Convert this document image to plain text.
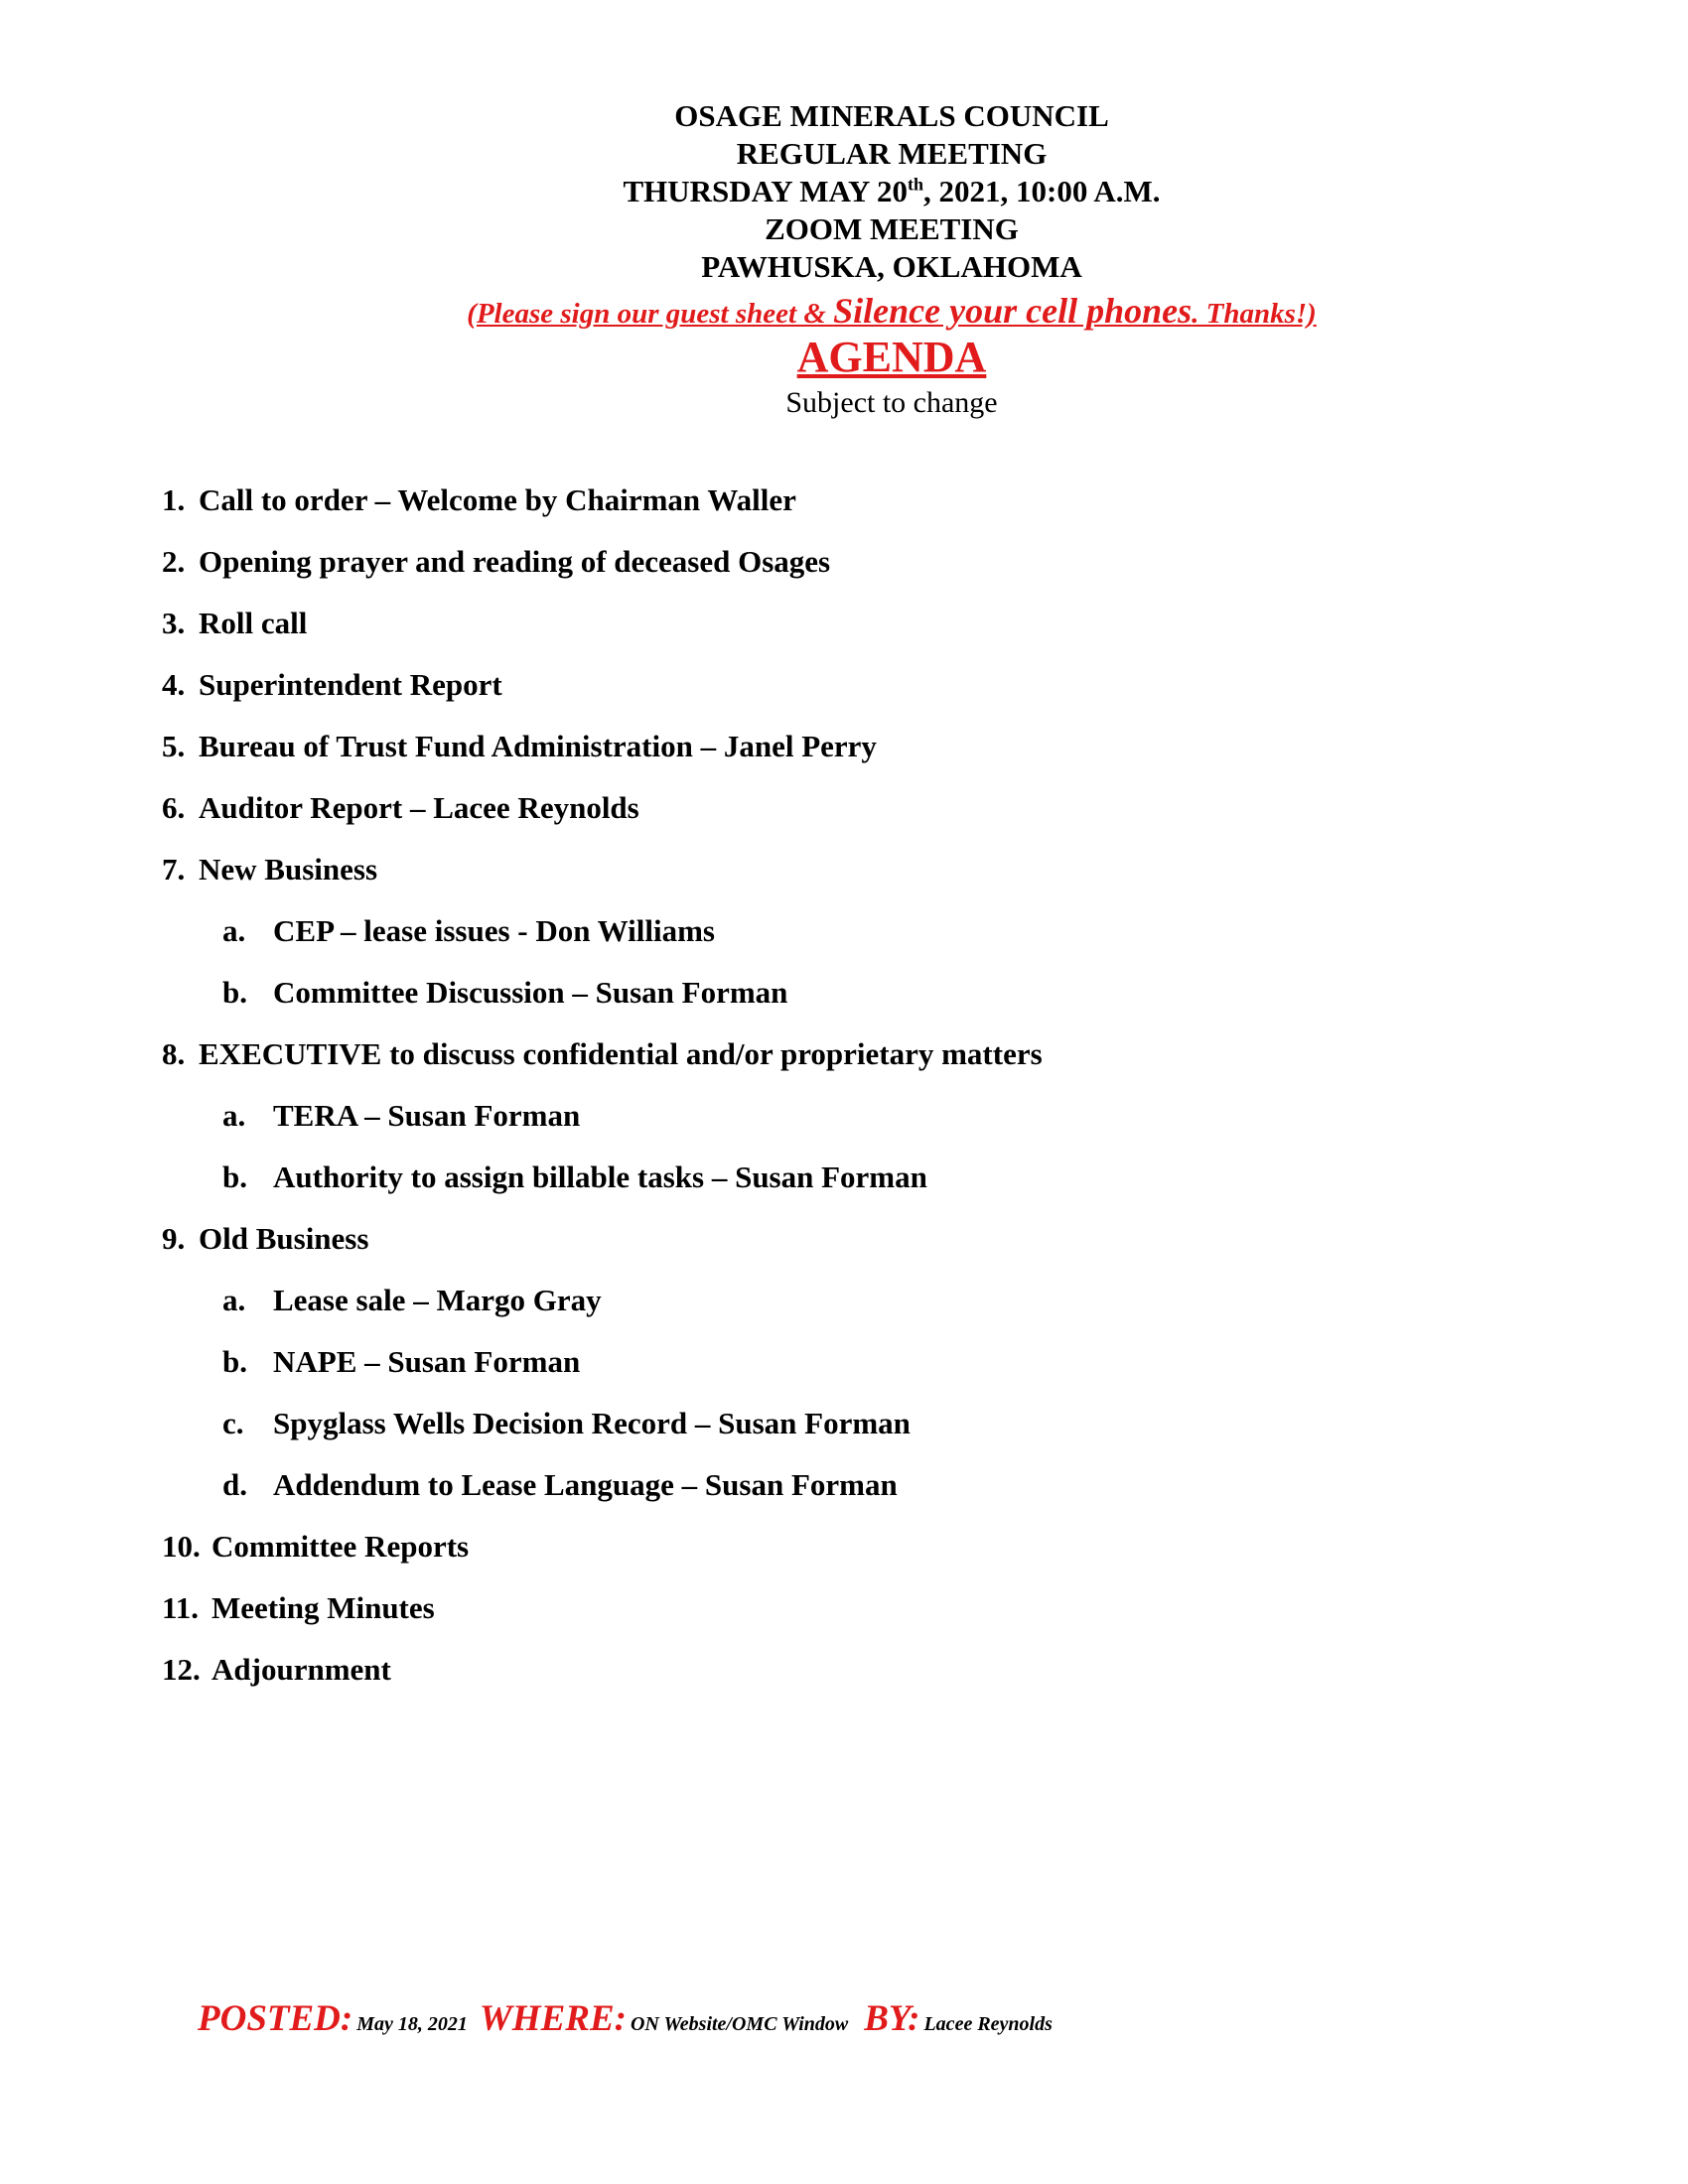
OSAGE MINERALS COUNCIL
REGULAR MEETING
THURSDAY MAY 20th, 2021, 10:00 A.M.
ZOOM MEETING
PAWHUSKA, OKLAHOMA
(Please sign our guest sheet & Silence your cell phones. Thanks!)
AGENDA
Subject to change
1. Call to order – Welcome by Chairman Waller
2. Opening prayer and reading of deceased Osages
3. Roll call
4. Superintendent Report
5. Bureau of Trust Fund Administration – Janel Perry
6. Auditor Report – Lacee Reynolds
7. New Business
a. CEP – lease issues - Don Williams
b. Committee Discussion – Susan Forman
8. EXECUTIVE to discuss confidential and/or proprietary matters
a. TERA – Susan Forman
b. Authority to assign billable tasks – Susan Forman
9. Old Business
a. Lease sale – Margo Gray
b. NAPE – Susan Forman
c. Spyglass Wells Decision Record – Susan Forman
d. Addendum to Lease Language – Susan Forman
10. Committee Reports
11. Meeting Minutes
12. Adjournment
POSTED: May 18, 2021 WHERE: ON Website/OMC Window BY: Lacee Reynolds
